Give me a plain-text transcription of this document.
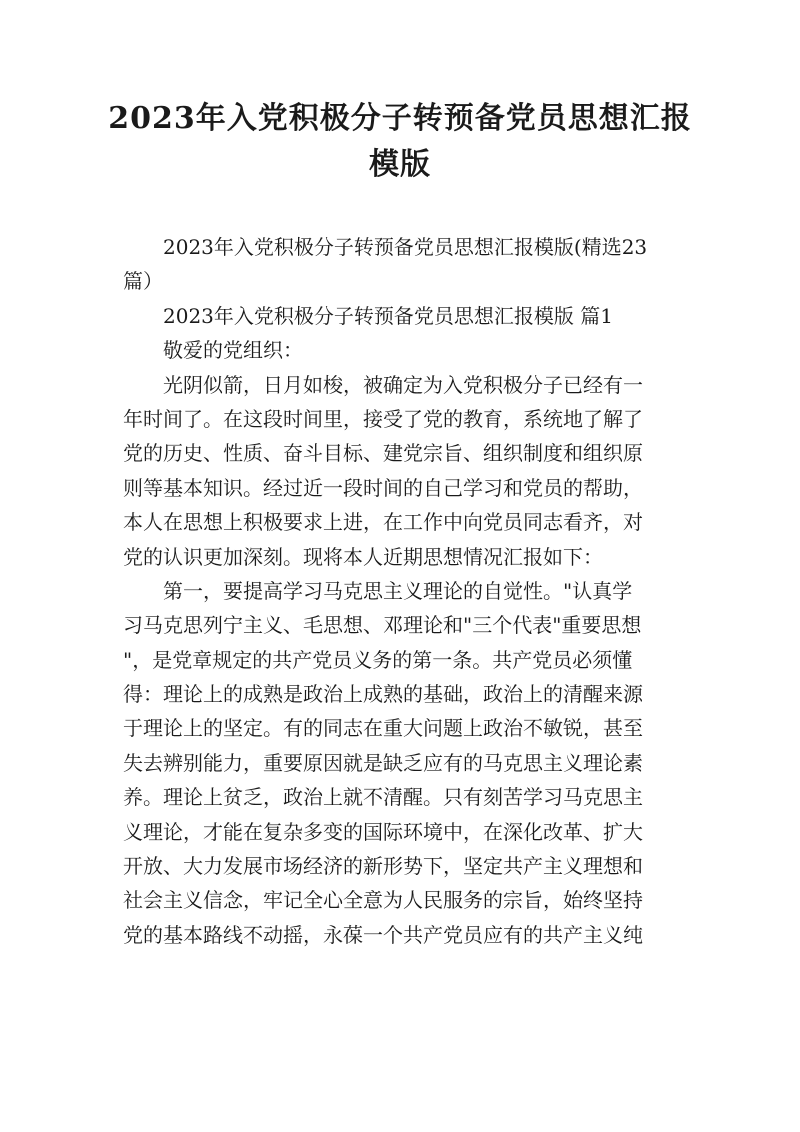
2023年入党积极分子转预备党员思想汇报
模版
2023年入党积极分子转预备党员思想汇报模版(精选23
篇）
2023年入党积极分子转预备党员思想汇报模版 篇1
敬爱的党组织：
光阴似箭，日月如梭，被确定为入党积极分子已经有一
年时间了。在这段时间里，接受了党的教育，系统地了解了
党的历史、性质、奋斗目标、建党宗旨、组织制度和组织原
则等基本知识。经过近一段时间的自己学习和党员的帮助，
本人在思想上积极要求上进，在工作中向党员同志看齐，对
党的认识更加深刻。现将本人近期思想情况汇报如下：
第一，要提高学习马克思主义理论的自觉性。"认真学
习马克思列宁主义、毛思想、邓理论和"三个代表"重要思想
"，是党章规定的共产党员义务的第一条。共产党员必须懂
得：理论上的成熟是政治上成熟的基础，政治上的清醒来源
于理论上的坚定。有的同志在重大问题上政治不敏锐，甚至
失去辨别能力，重要原因就是缺乏应有的马克思主义理论素
养。理论上贫乏，政治上就不清醒。只有刻苦学习马克思主
义理论，才能在复杂多变的国际环境中，在深化改革、扩大
开放、大力发展市场经济的新形势下，坚定共产主义理想和
社会主义信念，牢记全心全意为人民服务的宗旨，始终坚持
党的基本路线不动摇，永葆一个共产党员应有的共产主义纯
